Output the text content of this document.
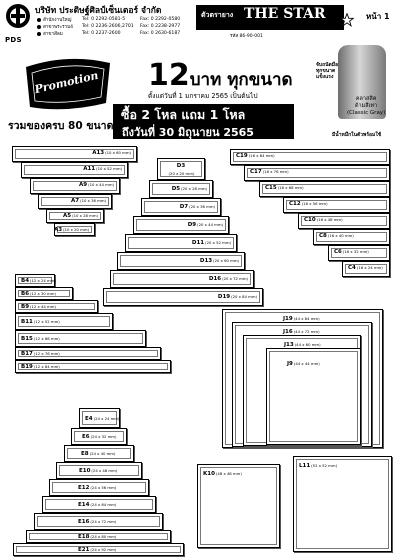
PDS
บริษัท ประดิษฐ์ศิลป์เซ็นเตอร์ จำกัด
สำนักงานใหญ่ Tel: 0 2292-0581-5	Fax: 0 2292-0580
สาขาพระราม4 Tel: 0 2236-2606,2701 Fax: 0 2238-2977
สาขาสีลม	Tel: 0 2237-2600	Fax: 0 2630-6187
ตัวตรายาง THE STAR
รหัส 86-90-001
หน้า 1
Promotion 12บาท ทุกขนาด
ตั้งแต่วันที่ 1 มกราคม 2565 เป็นต้นไป
ซื้อ 2 โหล แถม 1 โหล
ถึงวันที่ 30 มิถุนายน 2565
รวมของครบ 80 ขนาด
จับถนัดมือ
ทุกขนาด
แข็งแรง
คลาสสิค
ด้ามสีเทา
(Classic Gray)
มีน้ำหมึกในตัวพร้อมใช้
A13(10 x 60 mm)
A11(10 x 52 mm)
A9(10 x 44 mm)
A7(10 x 36 mm)
A5(10 x 28 mm)
A3(10 x 20 mm)
D3
(20 x 20 mm)
D5(20 x 28 mm)
D7(20 x 36 mm)
D9(20 x 44 mm)
D11(20 x 52 mm)
D13(20 x 60 mm)
D16(20 x 72 mm)
D19(20 x 84 mm)
C19(16 x 84 mm)
C17(16 x 76 mm)
C15(16 x 68 mm)
C12(16 x 56 mm)
C10(16 x 48 mm)
C8(16 x 40 mm)
C6(16 x 32 mm)
C4(16 x 24 mm)
B4(12 x 24 mm)
B6(12 x 30 mm)
B9(12 x 44 mm)
B11(12 x 52 mm)
B15(12 x 68 mm)
B17(12 x 76 mm)
B19(12 x 84 mm)
J19(44 x 84 mm)
J16(44 x 72 mm)
J13(44 x 60 mm)
J9(44 x 44 mm)
E4(24 x 24 mm)
E6(24 x 32 mm)
E8(24 x 40 mm)
E10(24 x 48 mm)
E12(24 x 56 mm)
E14(24 x 64 mm)
E16(24 x 72 mm)
E18(24 x 80 mm)
E21(24 x 92 mm)
K10(48 x 48 mm)
L11(52 x 52 mm)
